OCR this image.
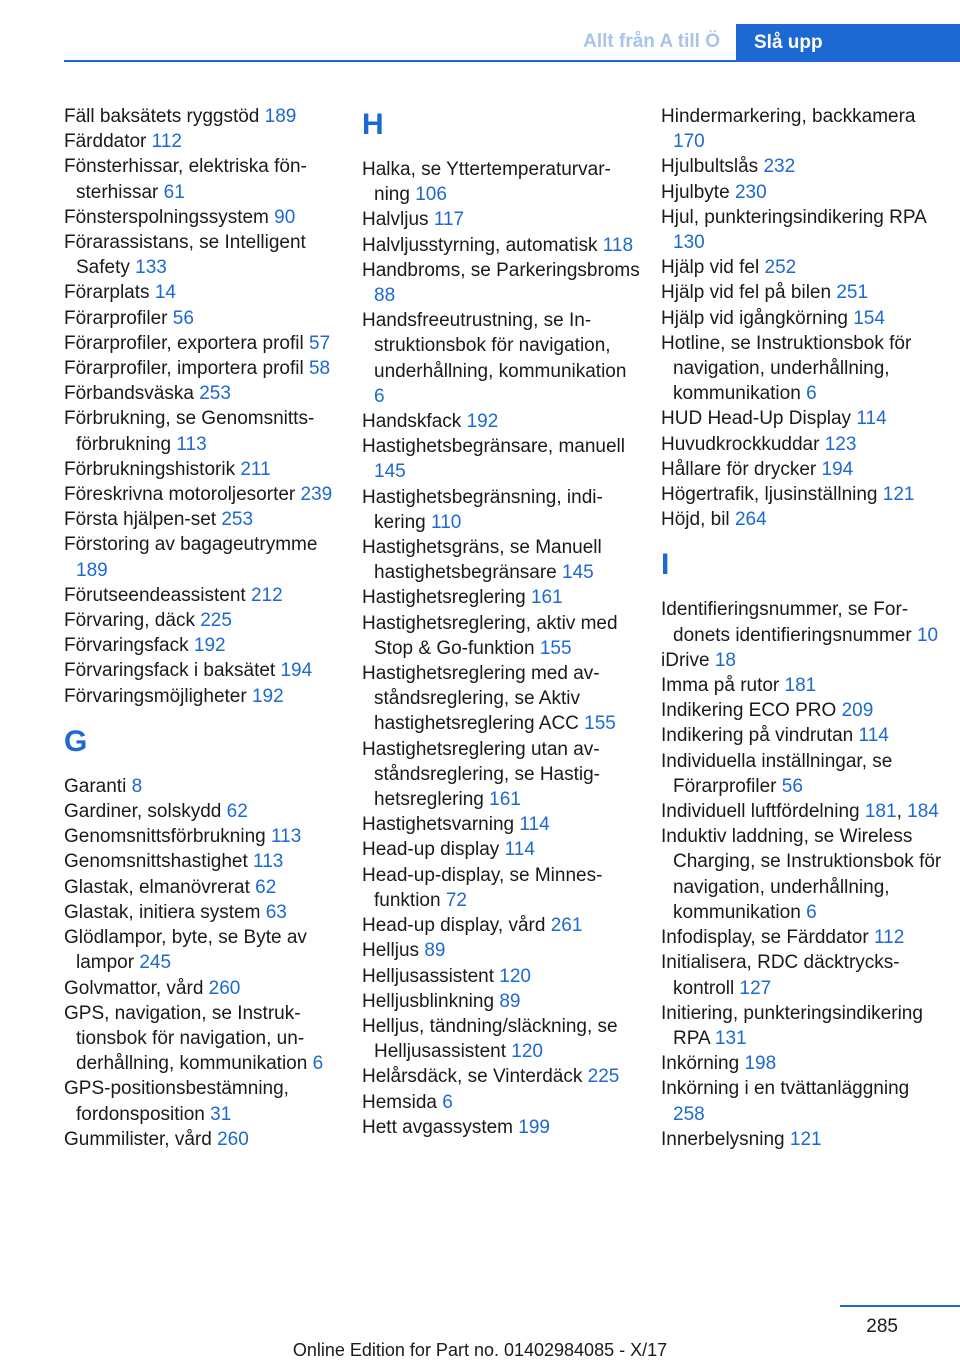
Allt från A till Ö	Slå upp
Fäll baksätets ryggstöd 189
Färddator 112
Fönsterhissar, elektriska fönsterhissar 61
Fönsterspolningssystem 90
Förarassistans, se Intelligent Safety 133
Förarplats 14
Förarprofiler 56
Förarprofiler, exportera profil 57
Förarprofiler, importera profil 58
Förbandsväska 253
Förbrukning, se Genomsnittsförbrukning 113
Förbrukningshistorik 211
Föreskrivna motoroljesorter 239
Första hjälpen-set 253
Förstoring av bagageutrymme 189
Förutseendeassistent 212
Förvaring, däck 225
Förvaringsfack 192
Förvaringsfack i baksätet 194
Förvaringsmöjligheter 192
G
Garanti 8
Gardiner, solskydd 62
Genomsnittsförbrukning 113
Genomsnittshastighet 113
Glastak, elmanövrerat 62
Glastak, initiera system 63
Glödlampor, byte, se Byte av lampor 245
Golvmattor, vård 260
GPS, navigation, se Instruktionsbok för navigation, underhållning, kommunikation 6
GPS-positionsbestämning, fordonsposition 31
Gummilister, vård 260
H
Halka, se Yttertemperaturvarning 106
Halvljus 117
Halvljusstyrning, automatisk 118
Handbroms, se Parkeringsbroms 88
Handsfreeutrustning, se Instruktionsbok för navigation, underhållning, kommunikation 6
Handskfack 192
Hastighetsbegränsare, manuell 145
Hastighetsbegränsning, indikering 110
Hastighetsgräns, se Manuell hastighetsbegränsare 145
Hastighetsreglering 161
Hastighetsreglering, aktiv med Stop & Go-funktion 155
Hastighetsreglering med avståndsreglering, se Aktiv hastighetsreglering ACC 155
Hastighetsreglering utan avståndsreglering, se Hastighetsreglering 161
Hastighetsvarning 114
Head-up display 114
Head-up-display, se Minnesfunktion 72
Head-up display, vård 261
Helljus 89
Helljusassistent 120
Helljusblinkning 89
Helljus, tändning/släckning, se Helljusassistent 120
Helårsdäck, se Vinterdäck 225
Hemsida 6
Hett avgassystem 199
Hindermarkering, backkamera 170
Hjulbultslås 232
Hjulbyte 230
Hjul, punkteringsindikering RPA 130
Hjälp vid fel 252
Hjälp vid fel på bilen 251
Hjälp vid igångkörning 154
Hotline, se Instruktionsbok för navigation, underhållning, kommunikation 6
HUD Head-Up Display 114
Huvudkrockkuddar 123
Hållare för drycker 194
Högertrafik, ljusinställning 121
Höjd, bil 264
I
Identifieringsnummer, se Fordonets identifieringsnummer 10
iDrive 18
Imma på rutor 181
Indikering ECO PRO 209
Indikering på vindrutan 114
Individuella inställningar, se Förarprofiler 56
Individuell luftfördelning 181, 184
Induktiv laddning, se Wireless Charging, se Instruktionsbok för navigation, underhållning, kommunikation 6
Infodisplay, se Färddator 112
Initialisera, RDC däcktryckskontroll 127
Initiering, punkteringsindikering RPA 131
Inkörning 198
Inkörning i en tvättanläggning 258
Innerbelysning 121
285
Online Edition for Part no. 01402984085 - X/17
